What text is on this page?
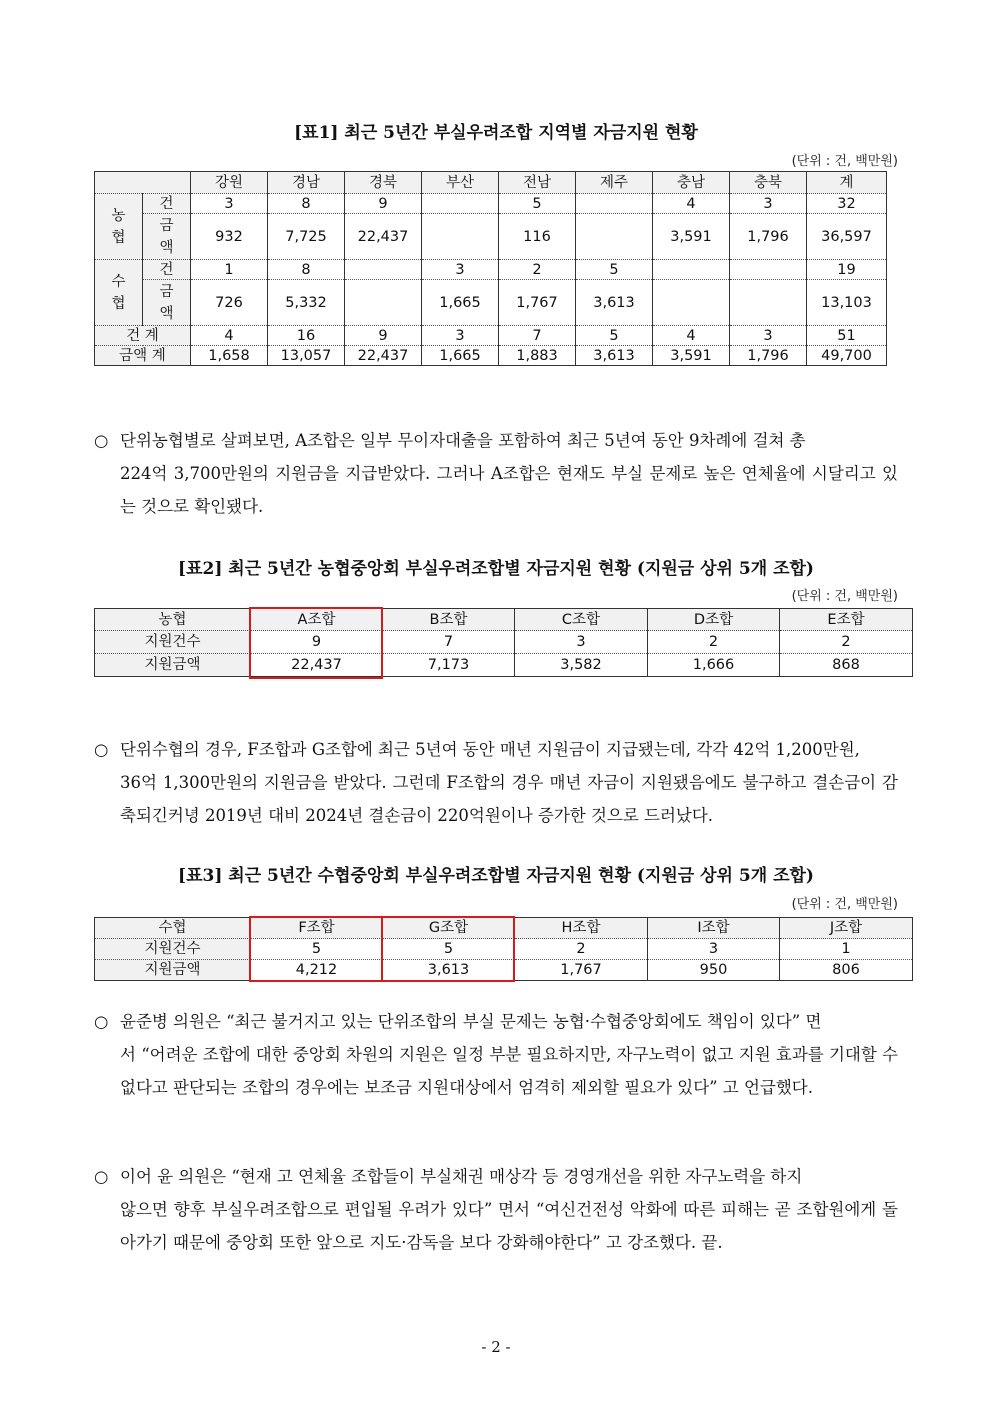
[표1] 최근 5년간 부실우려조합 지역별 자금지원 현황
(단위 : 건, 백만원)
		강원	경남	경북	부산	전남	제주	충남	충북	계

농협	건	3	8	9		5		4	3	32

	금액	932	7,725	22,437		116		3,591	1,796	36,597

수협	건	1	8		3	2	5			19

	금액	726	5,332		1,665	1,767	3,613			13,103
건 계		4	16	9	3	7	5	4	3	51
금액 계		1,658	13,057	22,437	1,665	1,883	3,613	3,591	1,796	49,700
○ 단위농협별로 살펴보면, A조합은 일부 무이자대출을 포함하여 최근 5년여 동안 9차례에 걸쳐 총
224억 3,700만원의 지원금을 지급받았다. 그러나 A조합은 현재도 부실 문제로 높은 연체율에 시달리고 있는 것으로 확인됐다.
[표2] 최근 5년간 농협중앙회 부실우려조합별 자금지원 현황 (지원금 상위 5개 조합)
(단위 : 건, 백만원)
농협	A조합	B조합	C조합	D조합	E조합
지원건수	9	7	3	2	2
지원금액	22,437	7,173	3,582	1,666	868
○ 단위수협의 경우, F조합과 G조합에 최근 5년여 동안 매년 지원금이 지급됐는데, 각각 42억 1,200만원,
36억 1,300만원의 지원금을 받았다. 그런데 F조합의 경우 매년 자금이 지원됐음에도 불구하고 결손금이 감축되긴커녕 2019년 대비 2024년 결손금이 220억원이나 증가한 것으로 드러났다.
[표3] 최근 5년간 수협중앙회 부실우려조합별 자금지원 현황 (지원금 상위 5개 조합)
(단위 : 건, 백만원)
수협	F조합	G조합	H조합	I조합	J조합
지원건수	5	5	2	3	1
지원금액	4,212	3,613	1,767	950	806
○ 윤준병 의원은 “최근 불거지고 있는 단위조합의 부실 문제는 농협·수협중앙회에도 책임이 있다” 면
서 “어려운 조합에 대한 중앙회 차원의 지원은 일정 부분 필요하지만, 자구노력이 없고 지원 효과를 기대할 수 없다고 판단되는 조합의 경우에는 보조금 지원대상에서 엄격히 제외할 필요가 있다” 고 언급했다.
○ 이어 윤 의원은 “현재 고 연체율 조합들이 부실채권 매상각 등 경영개선을 위한 자구노력을 하지
않으면 향후 부실우려조합으로 편입될 우려가 있다” 면서 “여신건전성 악화에 따른 피해는 곧 조합원에게 돌아가기 때문에 중앙회 또한 앞으로 지도·감독을 보다 강화해야한다” 고 강조했다. 끝.
- 2 -
